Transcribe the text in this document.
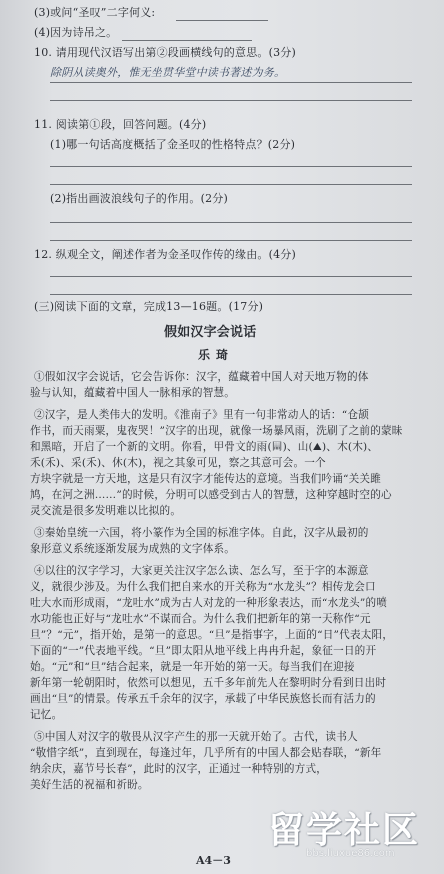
(3)或问“圣叹”二字何义:
(4)因为诗吊之。
10. 请用现代汉语写出第②段画横线句的意思。(3分)
除阴从读奥外，惟无坐贯华堂中读书著述为务。
11. 阅读第①段，回答问题。(4分)
(1)哪一句话高度概括了金圣叹的性格特点？(2分)
(2)指出画波浪线句子的作用。(2分)
12. 纵观全文，阐述作者为金圣叹作传的缘由。(4分)
(三)阅读下面的文章，完成13—16题。(17分)
假如汉字会说话
乐琦
①假如汉字会说话，它会告诉你：汉字，蕴藏着中国人对天地万物的体
验与认知，蕴藏着中国人一脉相承的智慧。
②汉字，是人类伟大的发明。《淮南子》里有一句非常动人的话：“仓颉
作书，而天雨粟，鬼夜哭！”汉字的出现，就像一场暴风雨，洗刷了之前的蒙昧
和黑暗，开启了一个新的文明。你看，甲骨文的雨(𠕲)、山(⛰)、木(⽊)、
禾(⽲)、采(⽲)、休(⽊)，视之其象可见，察之其意可会。一个
方块字就是一方天地，这是只有汉字才能传达的意境。当我们吟诵“关关雎
鸠，在河之洲……”的时候，分明可以感受到古人的智慧，这种穿越时空的心
灵交流是很多发明难以比拟的。
③秦始皇统一六国，将小篆作为全国的标准字体。自此，汉字从最初的
象形意义系统逐渐发展为成熟的文字体系。
④以往的汉字学习，大家更关注汉字怎么读、怎么写，至于字的本源意
义，就很少涉及。为什么我们把自来水的开关称为“水龙头”？相传龙会口
吐大水而形成雨，“龙吐水”成为古人对龙的一种形象表达，而“水龙头”的喷
水功能也正好与“龙吐水”不谋而合。为什么我们把新年的第一天称作“元
旦”？“元”，指开始，是第一的意思。“旦”是指事字，上面的“日”代表太阳，
下面的“一”代表地平线。“旦”即太阳从地平线上冉冉升起，象征一日的开
始。“元”和“旦”结合起来，就是一年开始的第一天。每当我们在迎接
新年第一轮朝阳时，依然可以想见，五千多年前先人在黎明时分看到日出时
画出“旦”的情景。传承五千余年的汉字，承载了中华民族悠长而有活力的
记忆。
⑤中国人对汉字的敬畏从汉字产生的那一天就开始了。古代，读书人
“敬惜字纸”，直到现在，每逢过年，几乎所有的中国人都会贴春联，“新年
纳余庆，嘉节号长春”，此时的汉字，正通过一种特别的方式，
美好生活的祝福和祈盼。
A4－3
留学社区
bbs.liuxue86.com
